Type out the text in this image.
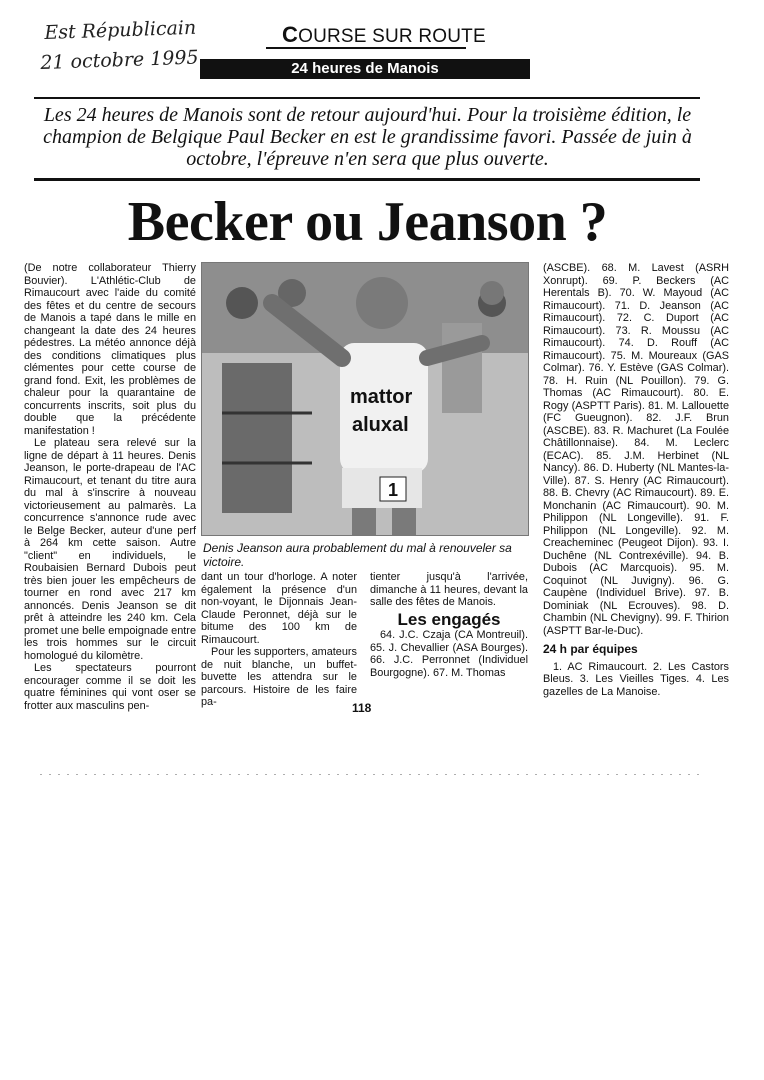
Est Républicain
21 octobre 1995
COURSE SUR ROUTE
24 heures de Manois
Les 24 heures de Manois sont de retour aujourd'hui. Pour la troisième édition, le champion de Belgique Paul Becker en est le grandissime favori. Passée de juin à octobre, l'épreuve n'en sera que plus ouverte.
Becker ou Jeanson ?

(De notre collaborateur Thierry Bouvier). L'Athlétic-Club de Rimaucourt avec l'aide du comité des fêtes et du centre de secours de Manois a tapé dans le mille en changeant la date des 24 heures pédestres. La météo annonce déjà des conditions climatiques plus clémentes pour cette course de grand fond. Exit, les problèmes de chaleur pour la quarantaine de concurrents inscrits, soit plus du double que la précédente manifestation !

Le plateau sera relevé sur la ligne de départ à 11 heures. Denis Jeanson, le porte-drapeau de l'AC Rimaucourt, et tenant du titre aura du mal à s'inscrire à nouveau victorieusement au palmarès. La concurrence s'annonce rude avec le Belge Becker, auteur d'une perf à 264 km cette saison. Autre "client" en individuels, le Roubaisien Bernard Dubois peut très bien jouer les empêcheurs de tourner en rond avec 217 km annoncés. Denis Jeanson se dit prêt à atteindre les 240 km. Cela promet une belle empoignade entre les trois hommes sur le circuit homologué du kilomètre.

Les spectateurs pourront encourager comme il se doit les quatre féminines qui vont oser se frotter aux masculins pen-

1
mattor
aluxal
Denis Jeanson aura probablement du mal à renouveler sa victoire.

dant un tour d'horloge. A noter également la présence d'un non-voyant, le Dijonnais Jean-Claude Peronnet, déjà sur le bitume des 100 km de Rimaucourt.

Pour les supporters, amateurs de nuit blanche, un buffet-buvette les attendra sur le parcours. Histoire de les faire pa-

tienter jusqu'à l'arrivée, dimanche à 11 heures, devant la salle des fêtes de Manois.

Les engagés

64. J.C. Czaja (CA Montreuil). 65. J. Chevallier (ASA Bourges). 66. J.C. Perronnet (Individuel Bourgogne). 67. M. Thomas

(ASCBE). 68. M. Lavest (ASRH Xonrupt). 69. P. Beckers (AC Herentals B). 70. W. Mayoud (AC Rimaucourt). 71. D. Jeanson (AC Rimaucourt). 72. C. Duport (AC Rimaucourt). 73. R. Moussu (AC Rimaucourt). 74. D. Rouff (AC Rimaucourt). 75. M. Moureaux (GAS Colmar). 76. Y. Estève (GAS Colmar). 78. H. Ruin (NL Pouillon). 79. G. Thomas (AC Rimaucourt). 80. E. Rogy (ASPTT Paris). 81. M. Lallouette (FC Gueugnon). 82. J.F. Brun (ASCBE). 83. R. Machuret (La Foulée Châtillonnaise). 84. M. Leclerc (ECAC). 85. J.M. Herbinet (NL Nancy). 86. D. Huberty (NL Mantes-la-Ville). 87. S. Henry (AC Rimaucourt). 88. B. Chevry (AC Rimaucourt). 89. E. Monchanin (AC Rimaucourt). 90. M. Philippon (NL Longeville). 91. F. Philippon (NL Longeville). 92. M. Creacheminec (Peugeot Dijon). 93. I. Duchêne (NL Contrexéville). 94. B. Dubois (AC Marcquois). 95. M. Coquinot (NL Juvigny). 96. G. Caupène (Individuel Brive). 97. B. Dominiak (NL Ecrouves). 98. D. Chambin (NL Chevigny). 99. F. Thirion (ASPTT Bar-le-Duc).

24 h par équipes

1. AC Rimaucourt. 2. Les Castors Bleus. 3. Les Vieilles Tiges. 4. Les gazelles de La Manoise.

118
